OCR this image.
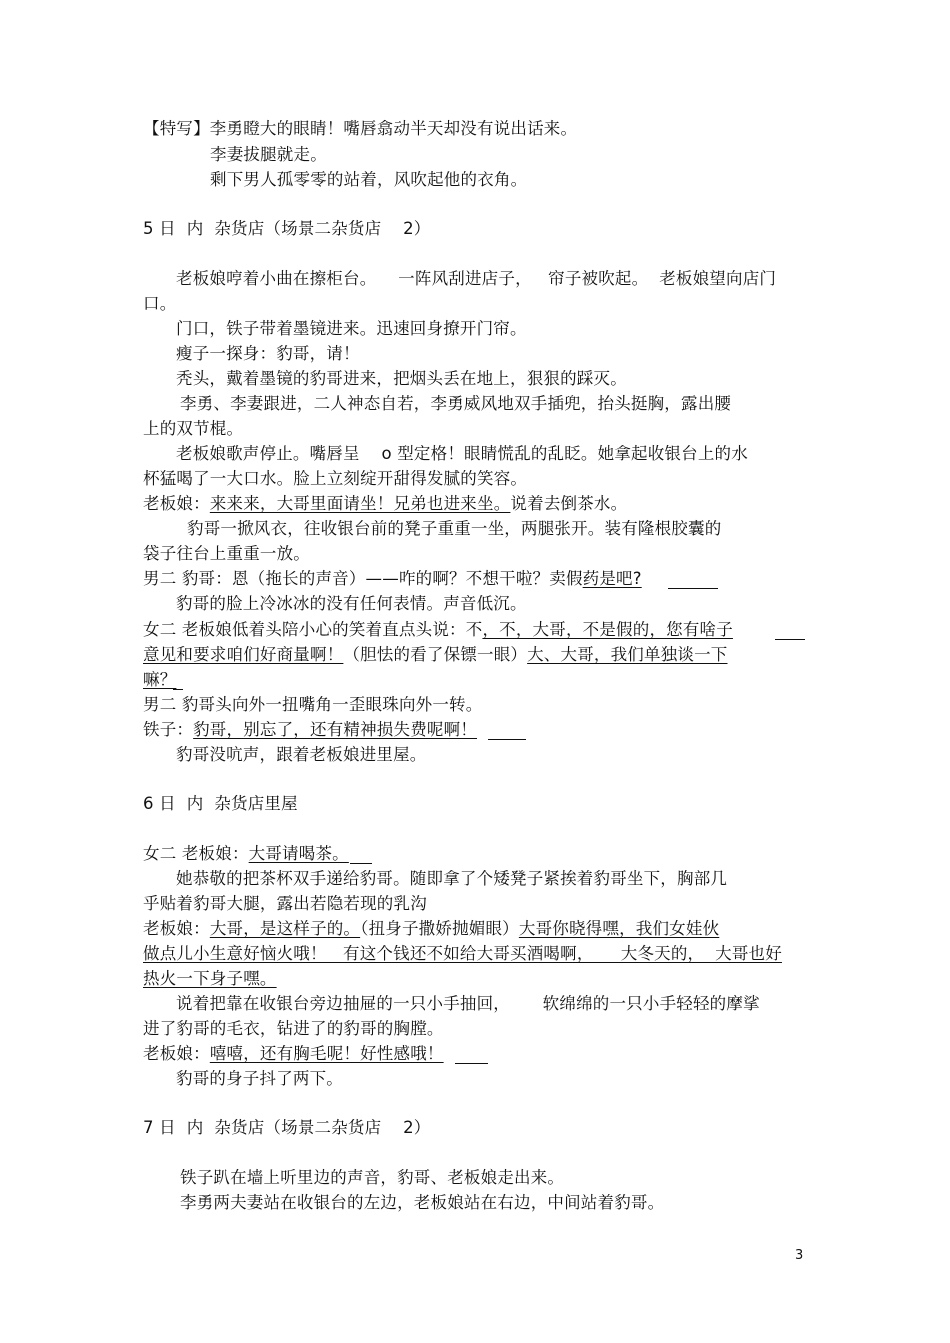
【特写】李勇瞪大的眼睛！嘴唇翕动半天却没有说出话来。
李妻拔腿就走。
剩下男人孤零零的站着，风吹起他的衣角。
5 日  内  杂货店（场景二杂货店    2）
老板娘哼着小曲在擦柜台。    一阵风刮进店子，   帘子被吹起。  老板娘望向店门
口。
门口，铁子带着墨镜进来。迅速回身撩开门帘。
瘦子一探身：豹哥，请！
秃头，戴着墨镜的豹哥进来，把烟头丢在地上，狠狠的踩灭。
李勇、李妻跟进，二人神态自若，李勇威风地双手插兜，抬头挺胸，露出腰
上的双节棍。
老板娘歌声停止。嘴唇呈    o 型定格！眼睛慌乱的乱眨。她拿起收银台上的水
杯猛喝了一大口水。脸上立刻绽开甜得发腻的笑容。
老板娘：来来来，大哥里面请坐！兄弟也进来坐。说着去倒茶水。
豹哥一掀风衣，往收银台前的凳子重重一坐，两腿张开。装有隆根胶囊的
袋子往台上重重一放。
男二 豹哥：恩（拖长的声音）——咋的啊？不想干啦？卖假药是吧?
豹哥的脸上冷冰冰的没有任何表情。声音低沉。
女二 老板娘低着头陪小心的笑着直点头说：不，不，大哥，不是假的，您有啥子
意见和要求咱们好商量啊！（胆怯的看了保镖一眼）大、大哥，我们单独谈一下
嘛？
男二 豹哥头向外一扭嘴角一歪眼珠向外一转。
铁子：豹哥，别忘了，还有精神损失费呢啊！
豹哥没吭声，跟着老板娘进里屋。
6 日  内  杂货店里屋
女二 老板娘：大哥请喝茶。
她恭敬的把茶杯双手递给豹哥。随即拿了个矮凳子紧挨着豹哥坐下，胸部几
乎贴着豹哥大腿，露出若隐若现的乳沟
老板娘：大哥，是这样子的。（扭身子撒娇抛媚眼）大哥你晓得嘿，我们女娃伙
做点儿小生意好恼火哦！   有这个钱还不如给大哥买酒喝啊，     大冬天的，  大哥也好
热火一下身子嘿。
说着把靠在收银台旁边抽屉的一只小手抽回，      软绵绵的一只小手轻轻的摩挲
进了豹哥的毛衣，钻进了的豹哥的胸膛。
老板娘：嘻嘻，还有胸毛呢！好性感哦！
豹哥的身子抖了两下。
7 日  内  杂货店（场景二杂货店    2）
铁子趴在墙上听里边的声音，豹哥、老板娘走出来。
李勇两夫妻站在收银台的左边，老板娘站在右边，中间站着豹哥。
3
